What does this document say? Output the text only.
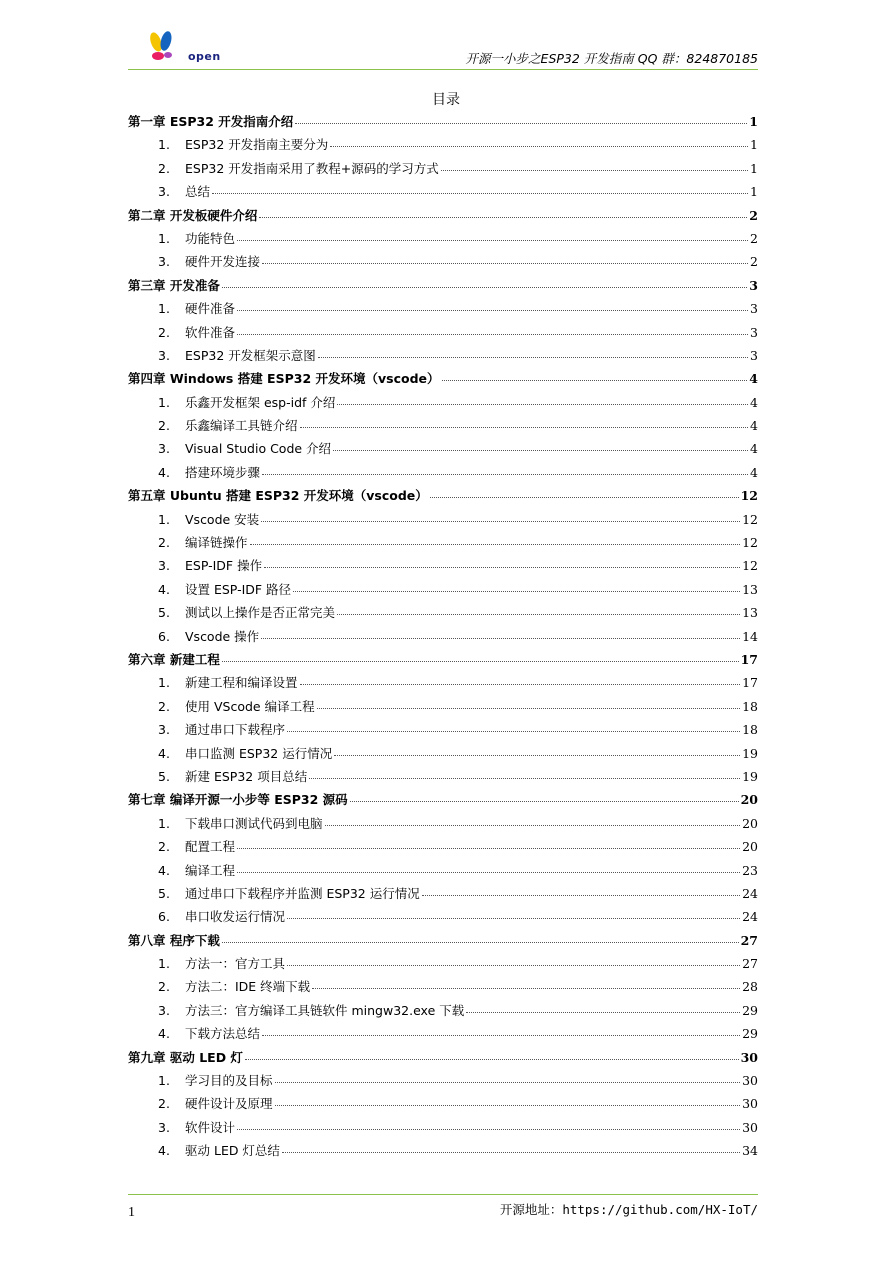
open	开源一小步之ESP32 开发指南 QQ 群：824870185
目录
第一章 ESP32 开发指南介绍	1
1.	ESP32 开发指南主要分为	1
2.	ESP32 开发指南采用了教程+源码的学习方式	1
3.	总结	1
第二章 开发板硬件介绍	2
1.	功能特色	2
3.	硬件开发连接	2
第三章 开发准备	3
1.	硬件准备	3
2.	软件准备	3
3.	ESP32 开发框架示意图	3
第四章 Windows 搭建 ESP32 开发环境（vscode）	4
1.	乐鑫开发框架 esp-idf 介绍	4
2.	乐鑫编译工具链介绍	4
3.	Visual Studio Code 介绍	4
4.	搭建环境步骤	4
第五章 Ubuntu 搭建 ESP32 开发环境（vscode）	12
1.	Vscode 安装	12
2.	编译链操作	12
3.	ESP-IDF 操作	12
4.	设置 ESP-IDF 路径	13
5.	测试以上操作是否正常完美	13
6.	Vscode 操作	14
第六章 新建工程	17
1.	新建工程和编译设置	17
2.	使用 VScode 编译工程	18
3.	通过串口下载程序	18
4.	串口监测 ESP32 运行情况	19
5.	新建 ESP32 项目总结	19
第七章 编译开源一小步等 ESP32 源码	20
1.	下载串口测试代码到电脑	20
2.	配置工程	20
4.	编译工程	23
5.	通过串口下载程序并监测 ESP32 运行情况	24
6.	串口收发运行情况	24
第八章 程序下载	27
1.	方法一：官方工具	27
2.	方法二：IDE 终端下载	28
3.	方法三：官方编译工具链软件 mingw32.exe 下载	29
4.	下载方法总结	29
第九章 驱动 LED 灯	30
1.	学习目的及目标	30
2.	硬件设计及原理	30
3.	软件设计	30
4.	驱动 LED 灯总结	34
1	开源地址：https://github.com/HX-IoT/
